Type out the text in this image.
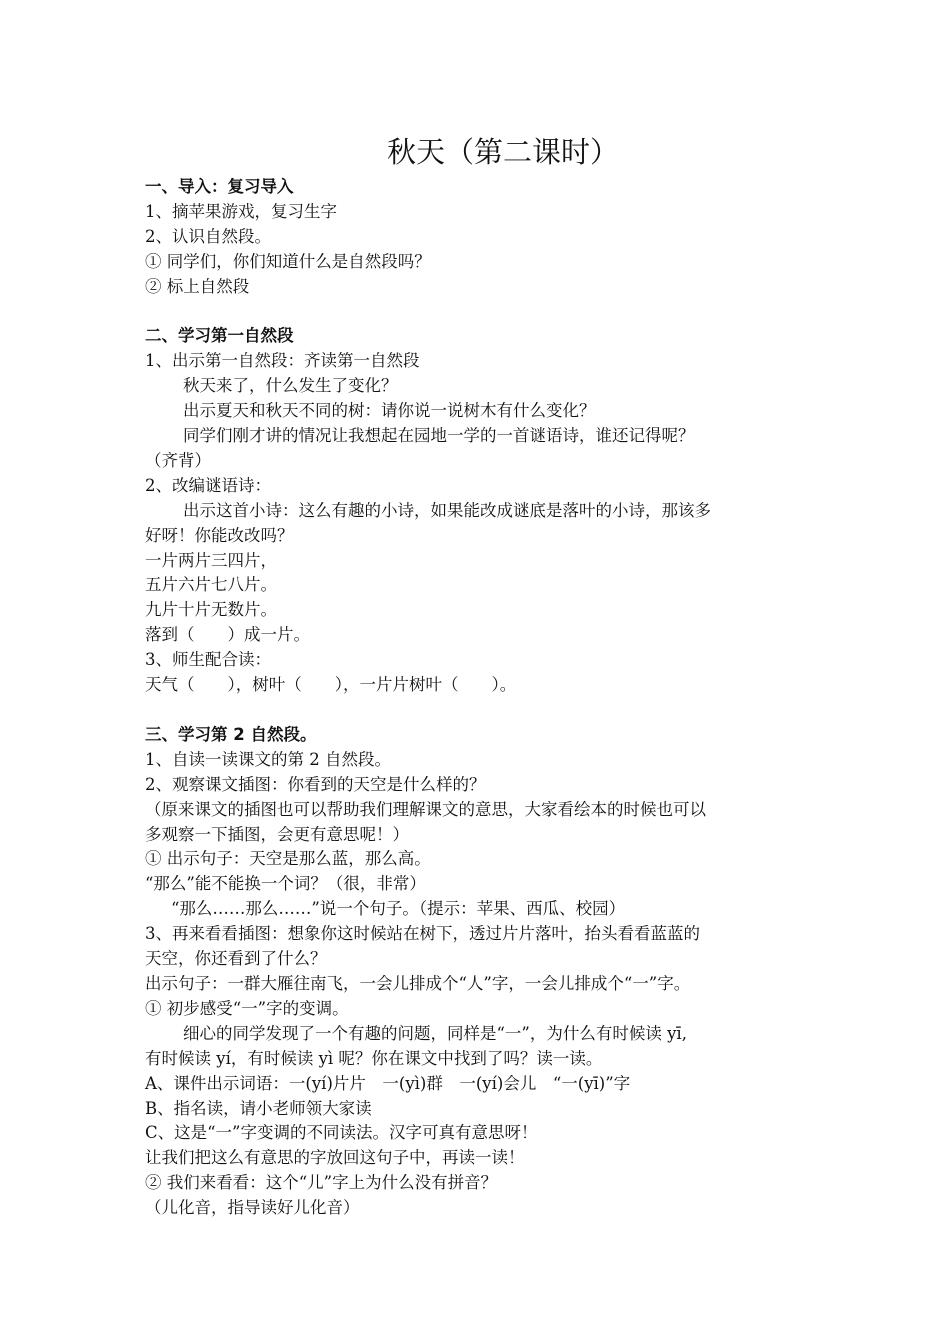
秋天（第二课时）
一、导入：复习导入
1、摘苹果游戏，复习生字
2、认识自然段。
① 同学们，你们知道什么是自然段吗？
② 标上自然段
二、学习第一自然段
1、出示第一自然段：齐读第一自然段
秋天来了，什么发生了变化？
出示夏天和秋天不同的树：请你说一说树木有什么变化？
同学们刚才讲的情况让我想起在园地一学的一首谜语诗，谁还记得呢？
（齐背）
2、改编谜语诗：
出示这首小诗：这么有趣的小诗，如果能改成谜底是落叶的小诗，那该多
好呀！你能改改吗？
一片两片三四片，
五片六片七八片。
九片十片无数片。
落到（　　）成一片。
3、师生配合读：
天气（　　），树叶（　　），一片片树叶（　　）。
三、学习第 2 自然段。
1、自读一读课文的第 2 自然段。
2、观察课文插图：你看到的天空是什么样的？
（原来课文的插图也可以帮助我们理解课文的意思，大家看绘本的时候也可以
多观察一下插图，会更有意思呢！）
① 出示句子：天空是那么蓝，那么高。
“那么”能不能换一个词？（很，非常）
“那么……那么……”说一个句子。（提示：苹果、西瓜、校园）
3、再来看看插图：想象你这时候站在树下，透过片片落叶，抬头看看蓝蓝的
天空，你还看到了什么？
出示句子：一群大雁往南飞，一会儿排成个“人”字，一会儿排成个“一”字。
① 初步感受“一”字的变调。
细心的同学发现了一个有趣的问题，同样是“一”，为什么有时候读 yī,
有时候读 yí，有时候读 yì 呢？你在课文中找到了吗？读一读。
A、课件出示词语：一(yí)片片　一(yì)群　一(yí)会儿　“一(yī)”字
B、指名读，请小老师领大家读
C、这是“一”字变调的不同读法。汉字可真有意思呀！
让我们把这么有意思的字放回这句子中，再读一读！
② 我们来看看：这个“儿”字上为什么没有拼音？
（儿化音，指导读好儿化音）
